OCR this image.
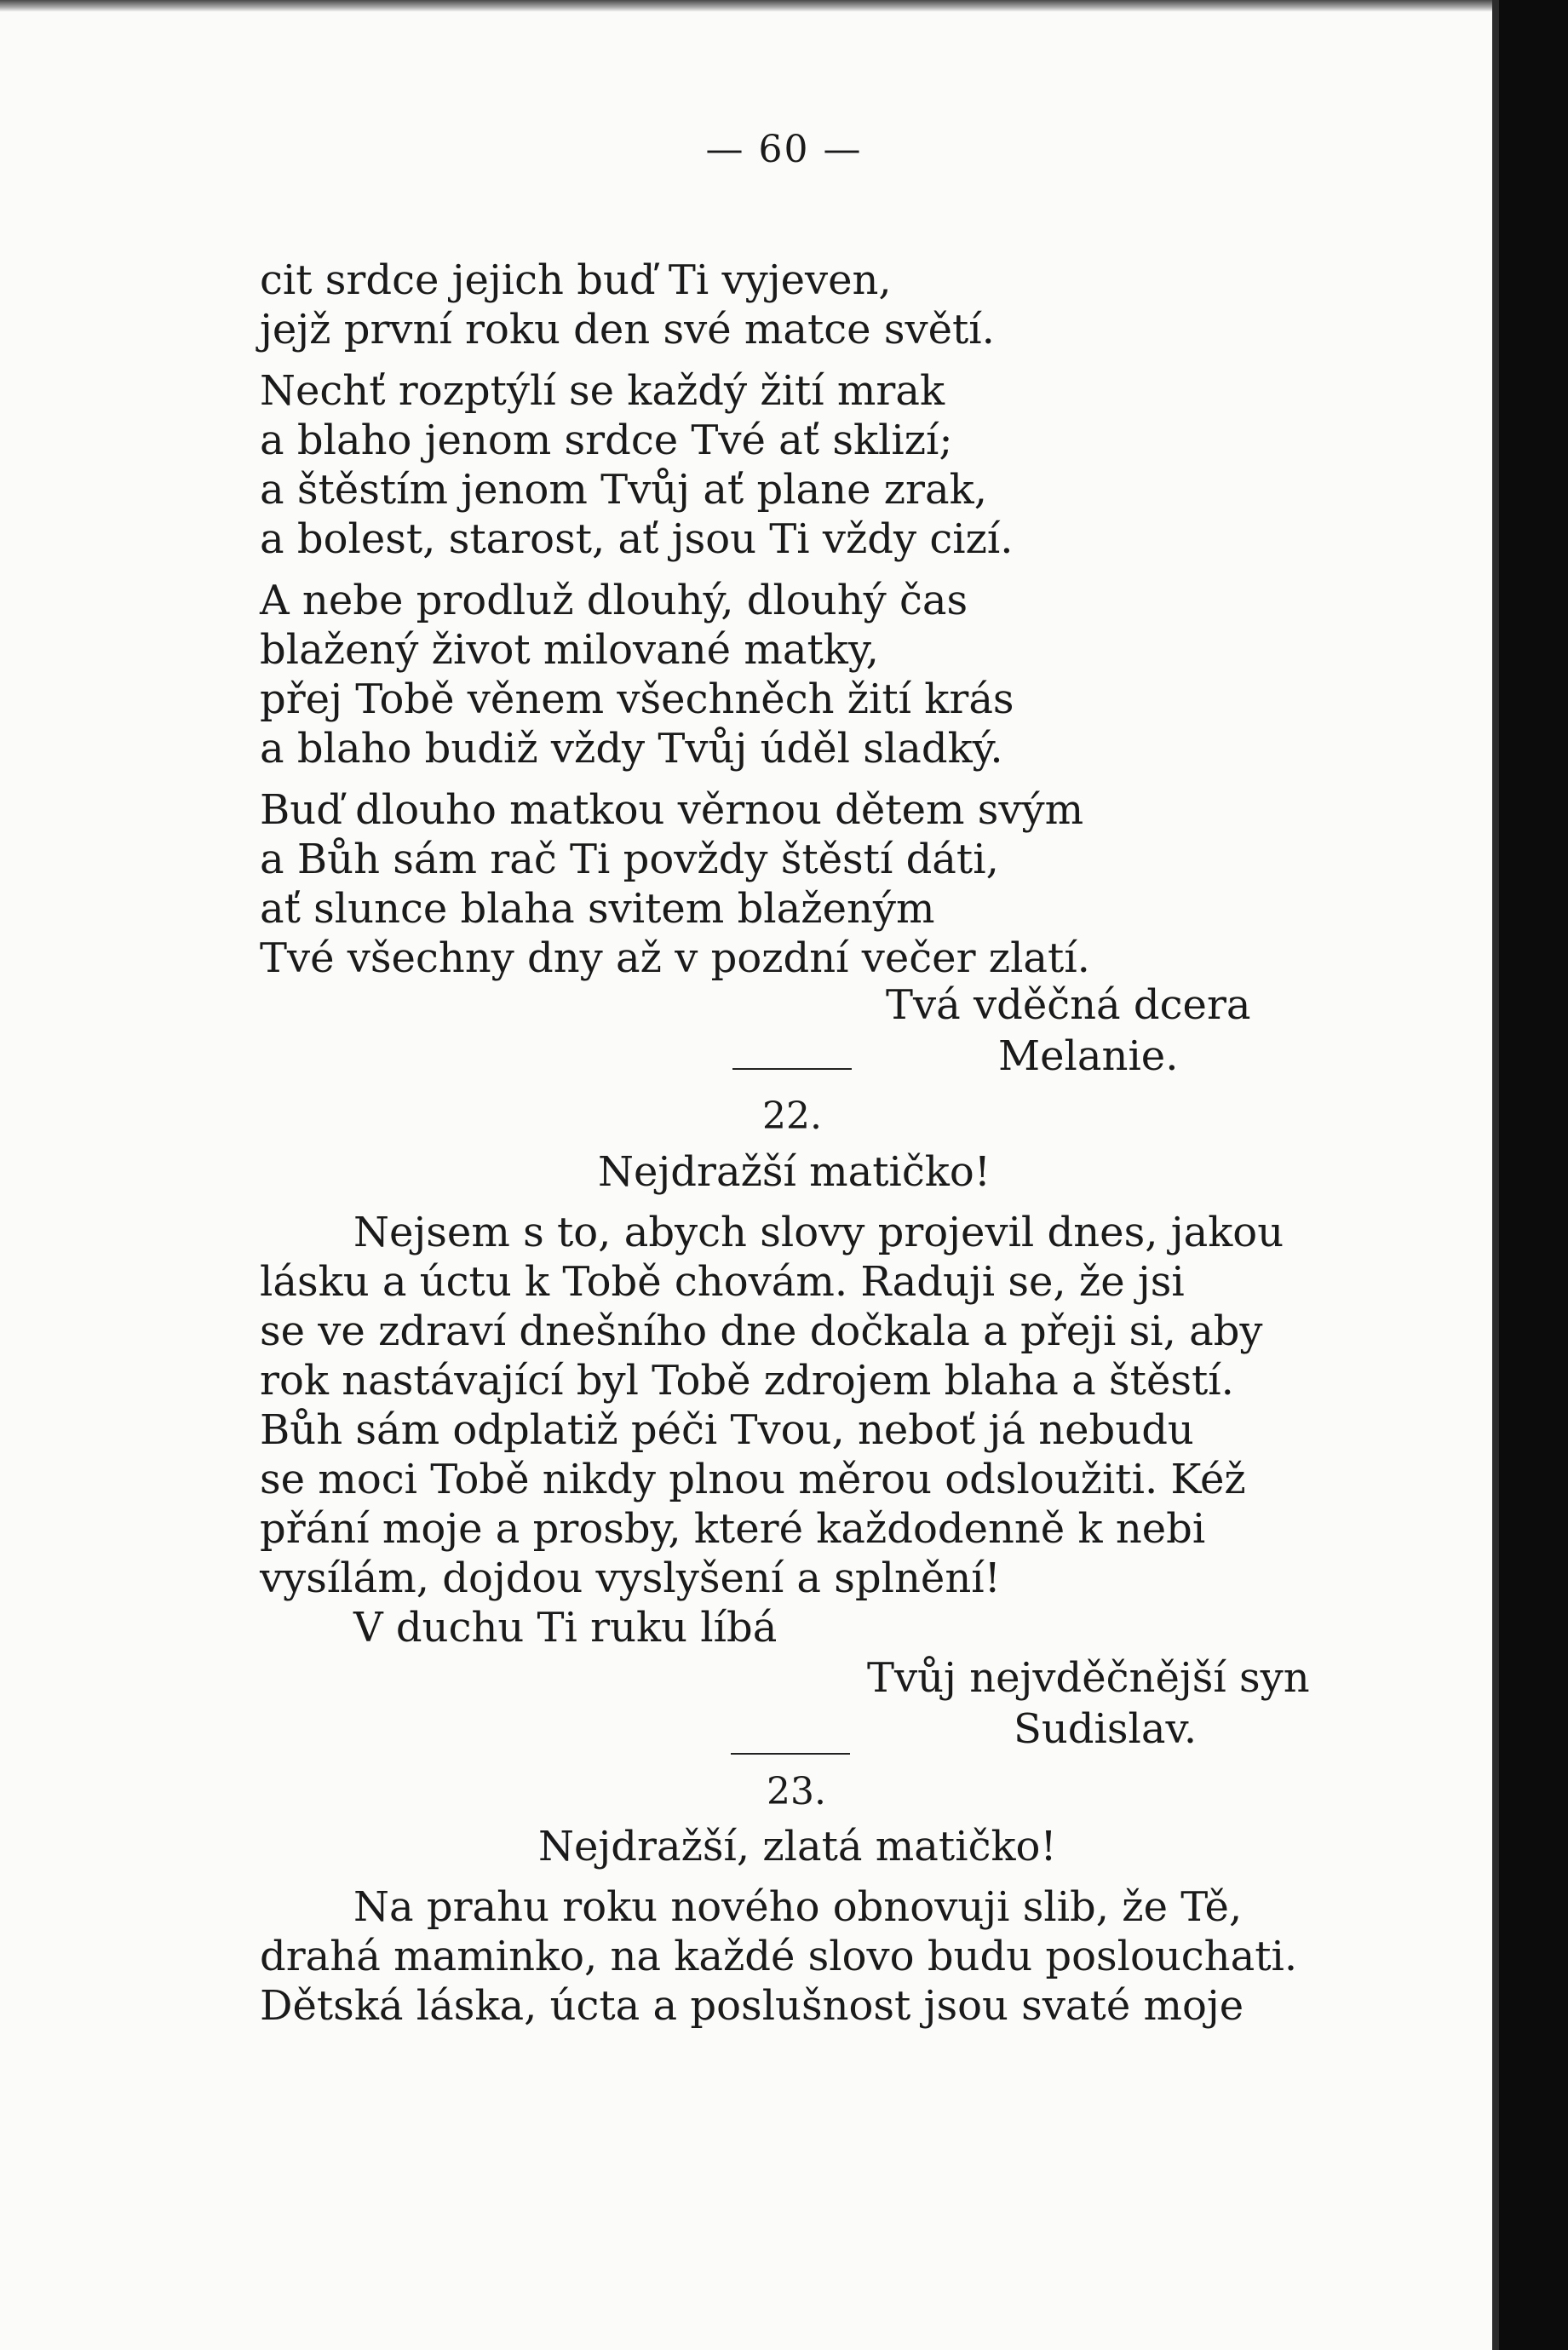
— 60 —
cit srdce jejich buď Ti vyjeven,
jejž první roku den své matce světí.
Nechť rozptýlí se každý žití mrak
a blaho jenom srdce Tvé ať sklizí;
a štěstím jenom Tvůj ať plane zrak,
a bolest, starost, ať jsou Ti vždy cizí.
A nebe prodluž dlouhý, dlouhý čas
blažený život milované matky,
přej Tobě věnem všechněch žití krás
a blaho budiž vždy Tvůj úděl sladký.
Buď dlouho matkou věrnou dětem svým
a Bůh sám rač Ti povždy štěstí dáti,
ať slunce blaha svitem blaženým
Tvé všechny dny až v pozdní večer zlatí.
Tvá vděčná dcera
Melanie.
22.
Nejdražší matičko!
Nejsem s to, abych slovy projevil dnes, jakou
lásku a úctu k Tobě chovám. Raduji se, že jsi
se ve zdraví dnešního dne dočkala a přeji si, aby
rok nastávající byl Tobě zdrojem blaha a štěstí.
Bůh sám odplatiž péči Tvou, neboť já nebudu
se moci Tobě nikdy plnou měrou odsloužiti. Kéž
přání moje a prosby, které každodenně k nebi
vysílám, dojdou vyslyšení a splnění!
V duchu Ti ruku líbá
Tvůj nejvděčnější syn
Sudislav.
23.
Nejdražší, zlatá matičko!
Na prahu roku nového obnovuji slib, že Tě,
drahá maminko, na každé slovo budu poslouchati.
Dětská láska, úcta a poslušnost jsou svaté moje
